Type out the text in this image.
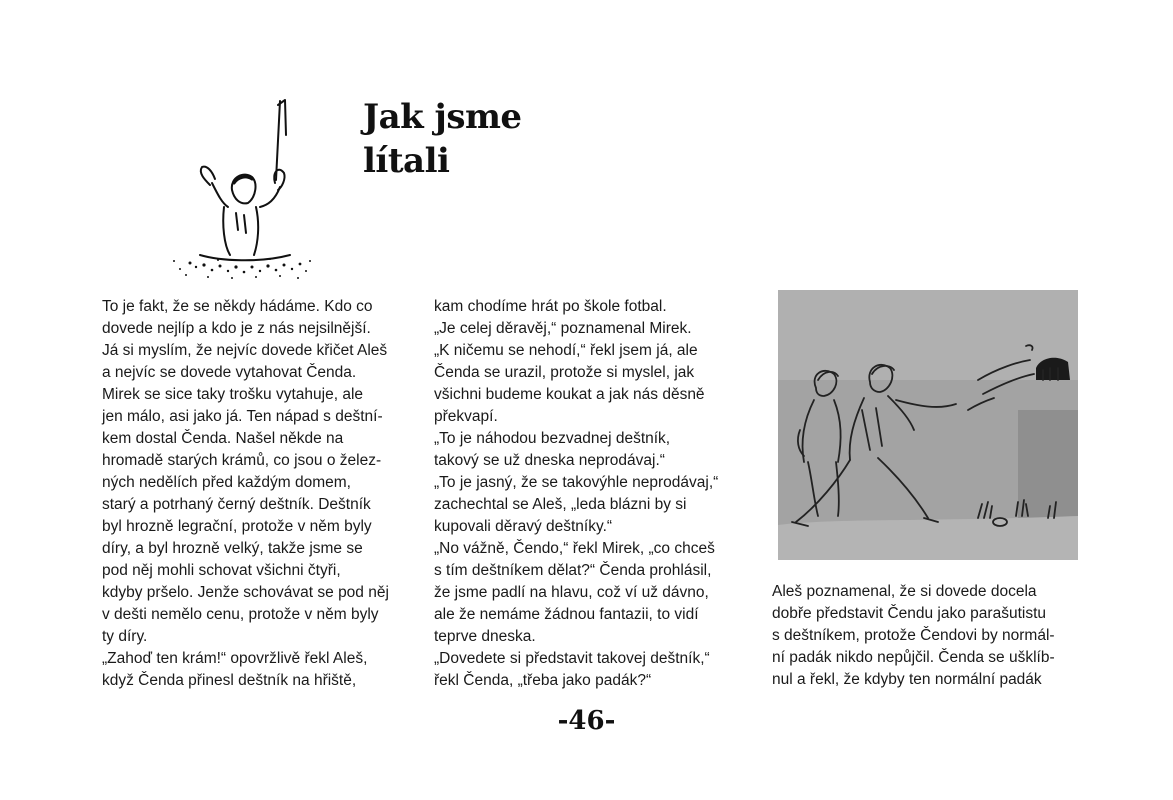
Jak jsme
lítali
To je fakt, že se někdy hádáme. Kdo co
dovede nejlíp a kdo je z nás nejsilnější.
Já si myslím, že nejvíc dovede křičet Aleš
a nejvíc se dovede vytahovat Čenda.
Mirek se sice taky trošku vytahuje, ale
jen málo, asi jako já. Ten nápad s deštní-
kem dostal Čenda. Našel někde na
hromadě starých krámů, co jsou o želez-
ných nedělích před každým domem,
starý a potrhaný černý deštník. Deštník
byl hrozně legrační, protože v něm byly
díry, a byl hrozně velký, takže jsme se
pod něj mohli schovat všichni čtyři,
kdyby pršelo. Jenže schovávat se pod něj
v dešti nemělo cenu, protože v něm byly
ty díry.
„Zahoď ten krám!“ opovržlivě řekl Aleš,
když Čenda přinesl deštník na hřiště,
kam chodíme hrát po škole fotbal.
„Je celej děravěj,“ poznamenal Mirek.
„K ničemu se nehodí,“ řekl jsem já, ale
Čenda se urazil, protože si myslel, jak
všichni budeme koukat a jak nás děsně
překvapí.
„To je náhodou bezvadnej deštník,
takový se už dneska neprodávaj.“
„To je jasný, že se takovýhle neprodávaj,“
zachechtal se Aleš, „leda blázni by si
kupovali děravý deštníky.“
„No vážně, Čendo,“ řekl Mirek, „co chceš
s tím deštníkem dělat?“ Čenda prohlásil,
že jsme padlí na hlavu, což ví už dávno,
ale že nemáme žádnou fantazii, to vidí
teprve dneska.
„Dovedete si představit takovej deštník,“
řekl Čenda, „třeba jako padák?“
Aleš poznamenal, že si dovede docela
dobře představit Čendu jako parašutistu
s deštníkem, protože Čendovi by normál-
ní padák nikdo nepůjčil. Čenda se ušklíb-
nul a řekl, že kdyby ten normální padák
-46-
